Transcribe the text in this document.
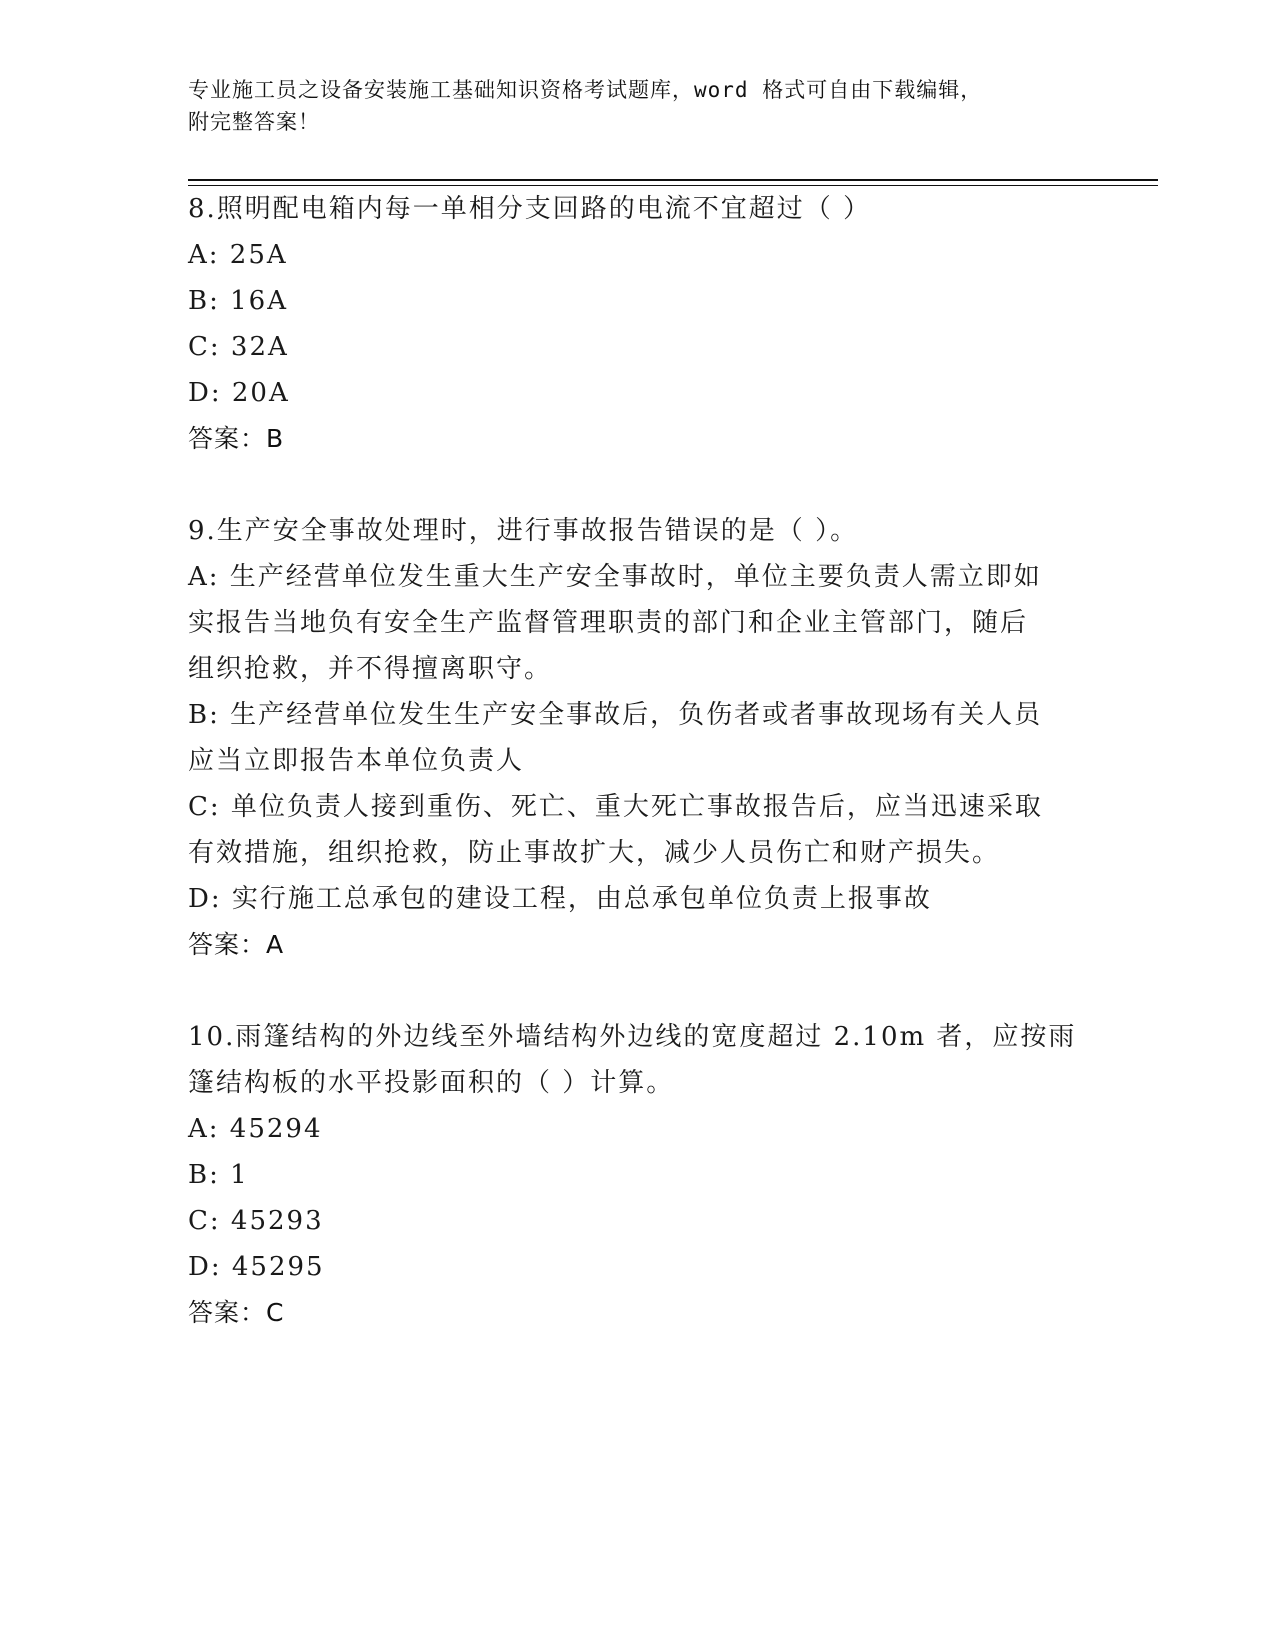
专业施工员之设备安装施工基础知识资格考试题库，word 格式可自由下载编辑，
附完整答案！

8.照明配电箱内每一单相分支回路的电流不宜超过（ ）

A: 25A

B: 16A

C: 32A

D: 20A

答案：B

9.生产安全事故处理时，进行事故报告错误的是（ ）。

A: 生产经营单位发生重大生产安全事故时，单位主要负责人需立即如

实报告当地负有安全生产监督管理职责的部门和企业主管部门，随后

组织抢救，并不得擅离职守。

B: 生产经营单位发生生产安全事故后，负伤者或者事故现场有关人员

应当立即报告本单位负责人

C: 单位负责人接到重伤、死亡、重大死亡事故报告后，应当迅速采取

有效措施，组织抢救，防止事故扩大，减少人员伤亡和财产损失。

D: 实行施工总承包的建设工程，由总承包单位负责上报事故

答案：A

10.雨篷结构的外边线至外墙结构外边线的宽度超过 2.10m 者，应按雨

篷结构板的水平投影面积的（ ）计算。

A: 45294

B: 1

C: 45293

D: 45295

答案：C
